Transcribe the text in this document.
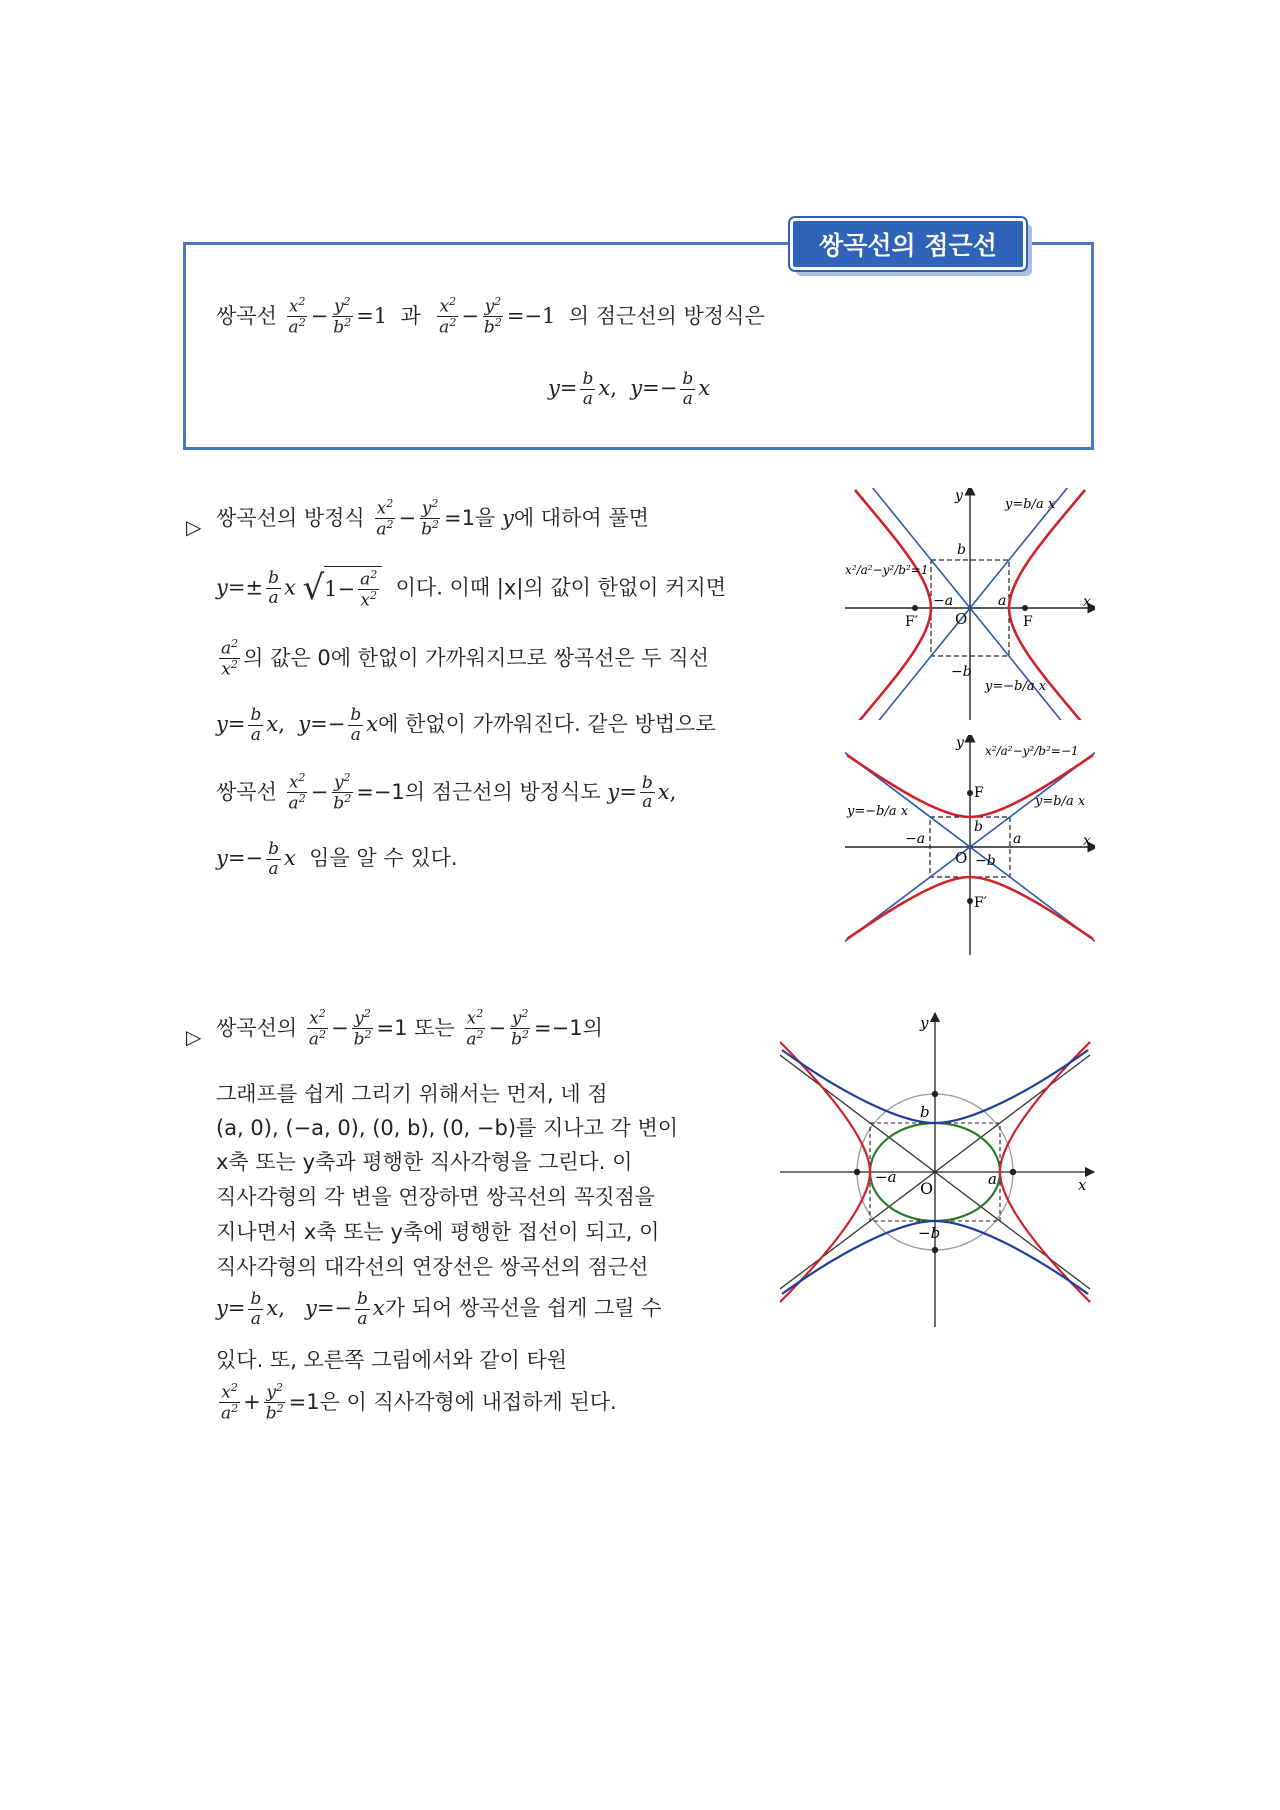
쌍곡선의 점근선
쌍곡선 $\frac{x^2}{a^2} - \frac{y^2}{b^2} =1$ 과 $\frac{x^2}{a^2} - \frac{y^2}{b^2} =-1$ 의 점근선의 방정식은
$y= \frac{b}{a} x$, $y=- \frac{b}{a}$ x
▷ 쌍곡선의 방정식 $\frac{x^2}{a^2} - \frac{y^2}{b^2} =1$을 y에 대하여 풀면
$y=\pm \frac{b}{a}$ x $√1- \frac{a^2}{x^2}$ 이다. 이때 |x|의 값이 한없이 커지면
$\frac{a^2}{x^2}$ 의 값은 0에 한없이 가까워지므로 쌍곡선은 두 직선
$y= \frac{b}{a} x$, $y=- \frac{b}{a}$ x에 한없이 가까워진다. 같은 방법으로
쌍곡선 $\frac{x^2}{a^2} - \frac{y^2}{b^2} =-1$의 점근선의 방정식도 $y= \frac{b}{a} x$,
$y=- \frac{b}{a}$ x 임을 알 수 있다.
y
x
b
−b
a
−a
O	F
F′
y=b/a x
y=−b/a x
x²/a²−y²/b²=1
y
x
b
−b
a
−a
O
F
F′
y=b/a x
y=−b/a x
x²/a²−y²/b²=−1
▷ 쌍곡선의 $\frac{x^2}{a^2} - \frac{y^2}{b^2} =1$ 또는 $\frac{x^2}{a^2} - \frac{y^2}{b^2} =-1$의
그래프를 쉽게 그리기 위해서는 먼저, 네 점
(a, 0), (−a, 0), (0, b), (0, −b)를 지나고 각 변이
x축 또는 y축과 평행한 직사각형을 그린다. 이
직사각형의 각 변을 연장하면 쌍곡선의 꼭짓점을
지나면서 x축 또는 y축에 평행한 접선이 되고, 이
직사각형의 대각선의 연장선은 쌍곡선의 점근선
$y= \frac{b}{a} x$, $y=- \frac{b}{a}$ x가 되어 쌍곡선을 쉽게 그릴 수
있다. 또, 오른쪽 그림에서와 같이 타원
$\frac{x^2}{a^2} + \frac{y^2}{b^2} =1$은 이 직사각형에 내접하게 된다.
y
x
b
−b
a
−a
O
